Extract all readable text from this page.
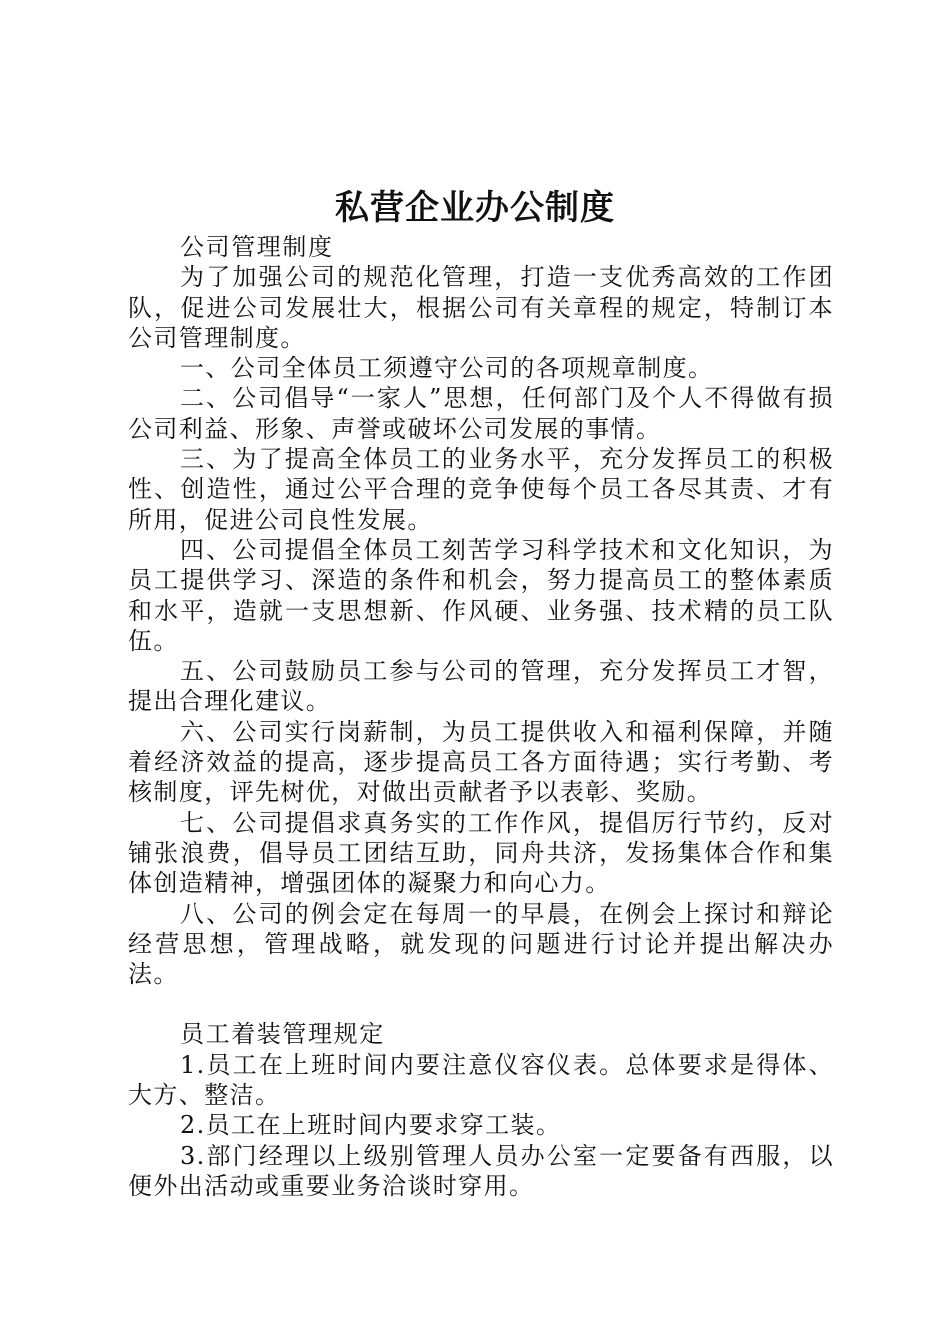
私营企业办公制度

公司管理制度

为了加强公司的规范化管理，打造一支优秀高效的工作团队，促进公司发展壮大，根据公司有关章程的规定，特制订本公司管理制度。

一、公司全体员工须遵守公司的各项规章制度。

二、公司倡导“一家人”思想，任何部门及个人不得做有损公司利益、形象、声誉或破坏公司发展的事情。

三、为了提高全体员工的业务水平，充分发挥员工的积极性、创造性，通过公平合理的竞争使每个员工各尽其责、才有所用，促进公司良性发展。

四、公司提倡全体员工刻苦学习科学技术和文化知识，为员工提供学习、深造的条件和机会，努力提高员工的整体素质和水平，造就一支思想新、作风硬、业务强、技术精的员工队伍。

五、公司鼓励员工参与公司的管理，充分发挥员工才智，提出合理化建议。

六、公司实行岗薪制，为员工提供收入和福利保障，并随着经济效益的提高，逐步提高员工各方面待遇；实行考勤、考核制度，评先树优，对做出贡献者予以表彰、奖励。

七、公司提倡求真务实的工作作风，提倡厉行节约，反对铺张浪费，倡导员工团结互助，同舟共济，发扬集体合作和集体创造精神，增强团体的凝聚力和向心力。

八、公司的例会定在每周一的早晨，在例会上探讨和辩论经营思想，管理战略，就发现的问题进行讨论并提出解决办法。

员工着装管理规定

1.员工在上班时间内要注意仪容仪表。总体要求是得体、大方、整洁。

2.员工在上班时间内要求穿工装。

3.部门经理以上级别管理人员办公室一定要备有西服，以便外出活动或重要业务洽谈时穿用。
